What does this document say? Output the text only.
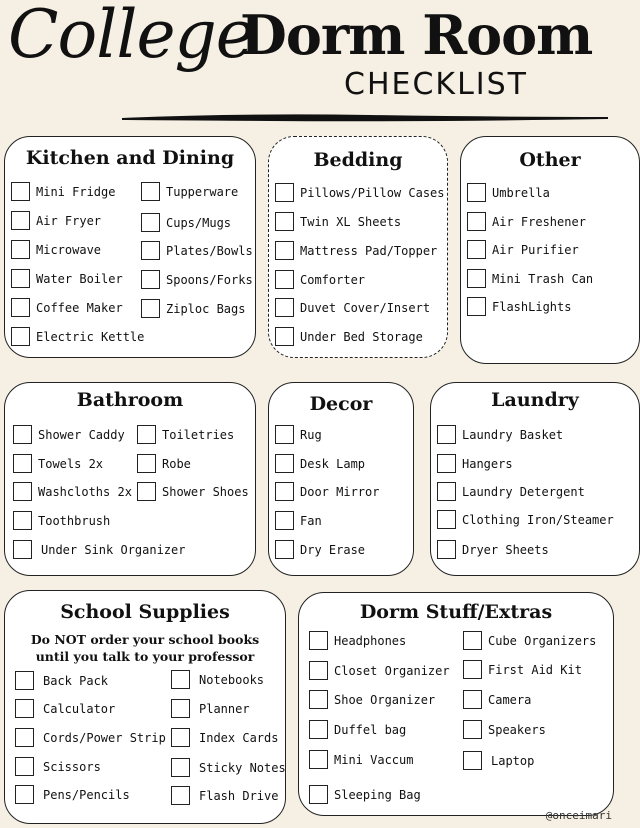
College
Dorm Room
CHECKLIST
Kitchen and Dining
Mini Fridge	Tupperware
Air Fryer	Cups/Mugs
Microwave	Plates/Bowls
Water Boiler	Spoons/Forks
Coffee Maker	Ziploc Bags
Electric Kettle
Bedding
Pillows/Pillow Cases
Twin XL Sheets
Mattress Pad/Topper
Comforter
Duvet Cover/Insert
Under Bed Storage
Other
Umbrella
Air Freshener
Air Purifier
Mini Trash Can
FlashLights
Bathroom
Shower Caddy	Toiletries
Towels 2x	Robe
Washcloths 2x	Shower Shoes
Toothbrush
Under Sink Organizer
Decor
Rug
Desk Lamp
Door Mirror
Fan
Dry Erase
Laundry
Laundry Basket
Hangers
Laundry Detergent
Clothing Iron/Steamer
Dryer Sheets
School Supplies
Do NOT order your school books
until you talk to your professor
Back Pack	Notebooks
Calculator	Planner
Cords/Power Strip	Index Cards
Scissors	Sticky Notes
Pens/Pencils	Flash Drive
Dorm Stuff/Extras
Headphones	Cube Organizers
Closet Organizer	First Aid Kit
Shoe Organizer	Camera
Duffel bag	Speakers
Mini Vaccum	Laptop
Sleeping Bag
@onceimari
